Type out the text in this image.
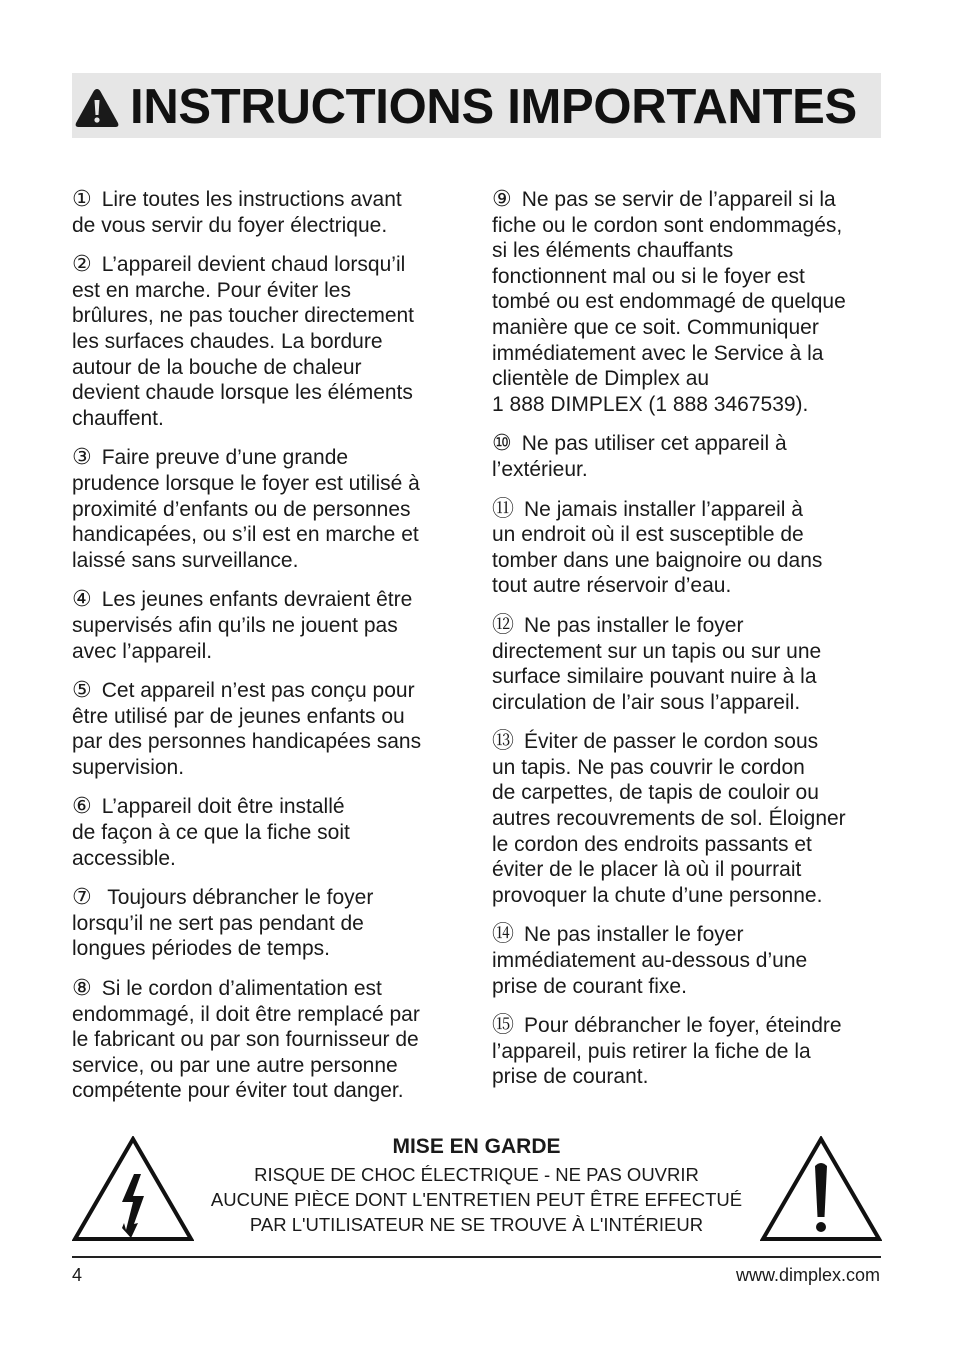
INSTRUCTIONS IMPORTANTES

① Lire toutes les instructions avant
de vous servir du foyer électrique.

② L’appareil devient chaud lorsqu’il
est en marche. Pour éviter les
brûlures, ne pas toucher directement
les surfaces chaudes. La bordure
autour de la bouche de chaleur
devient chaude lorsque les éléments
chauffent.

③ Faire preuve d’une grande
prudence lorsque le foyer est utilisé à
proximité d’enfants ou de personnes
handicapées, ou s’il est en marche et
laissé sans surveillance.

④ Les jeunes enfants devraient être
supervisés afin qu’ils ne jouent pas
avec l’appareil.

⑤ Cet appareil n’est pas conçu pour
être utilisé par de jeunes enfants ou
par des personnes handicapées sans
supervision.

⑥ L’appareil doit être installé
de façon à ce que la fiche soit
accessible.

⑦ Toujours débrancher le foyer
lorsqu’il ne sert pas pendant de
longues périodes de temps.

⑧ Si le cordon d’alimentation est
endommagé, il doit être remplacé par
le fabricant ou par son fournisseur de
service, ou par une autre personne
compétente pour éviter tout danger.

⑨ Ne pas se servir de l’appareil si la
fiche ou le cordon sont endommagés,
si les éléments chauffants
fonctionnent mal ou si le foyer est
tombé ou est endommagé de quelque
manière que ce soit. Communiquer
immédiatement avec le Service à la
clientèle de Dimplex au
1 888 DIMPLEX (1 888 3467539).

⑩ Ne pas utiliser cet appareil à
l’extérieur.

⑪ Ne jamais installer l’appareil à
un endroit où il est susceptible de
tomber dans une baignoire ou dans
tout autre réservoir d’eau.

⑫ Ne pas installer le foyer
directement sur un tapis ou sur une
surface similaire pouvant nuire à la
circulation de l’air sous l’appareil.

⑬ Éviter de passer le cordon sous
un tapis. Ne pas couvrir le cordon
de carpettes, de tapis de couloir ou
autres recouvrements de sol. Éloigner
le cordon des endroits passants et
éviter de le placer là où il pourrait
provoquer la chute d’une personne.

⑭ Ne pas installer le foyer
immédiatement au-dessous d’une
prise de courant fixe.

⑮ Pour débrancher le foyer, éteindre
l’appareil, puis retirer la fiche de la
prise de courant.

MISE EN GARDE

RISQUE DE CHOC ÉLECTRIQUE - NE PAS OUVRIR

AUCUNE PIÈCE DONT L'ENTRETIEN PEUT ÊTRE EFFECTUÉ

PAR L'UTILISATEUR NE SE TROUVE À L'INTÉRIEUR

4	www.dimplex.com
